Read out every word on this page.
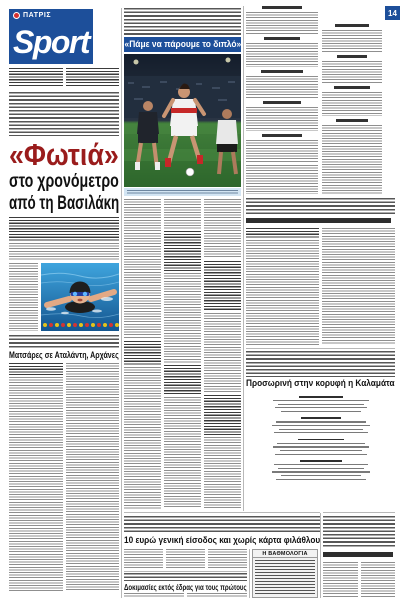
ΠΑΤΡΙΣ
Sport
«Φωτιά»
στο χρονόμετρο
από τη Βασιλάκη
Ματσάρες σε Αταλάντη, Αρχάνες
«Πάμε να πάρουμε το διπλό»
10 ευρώ γενική είσοδος και χωρίς κάρτα φιλάθλου
Δοκιμασίες εκτός έδρας για τους πρώτους
Η ΒΑΘΜΟΛΟΓΙΑ
14
Προσωρινή στην κορυφή η Καλαμάτα
